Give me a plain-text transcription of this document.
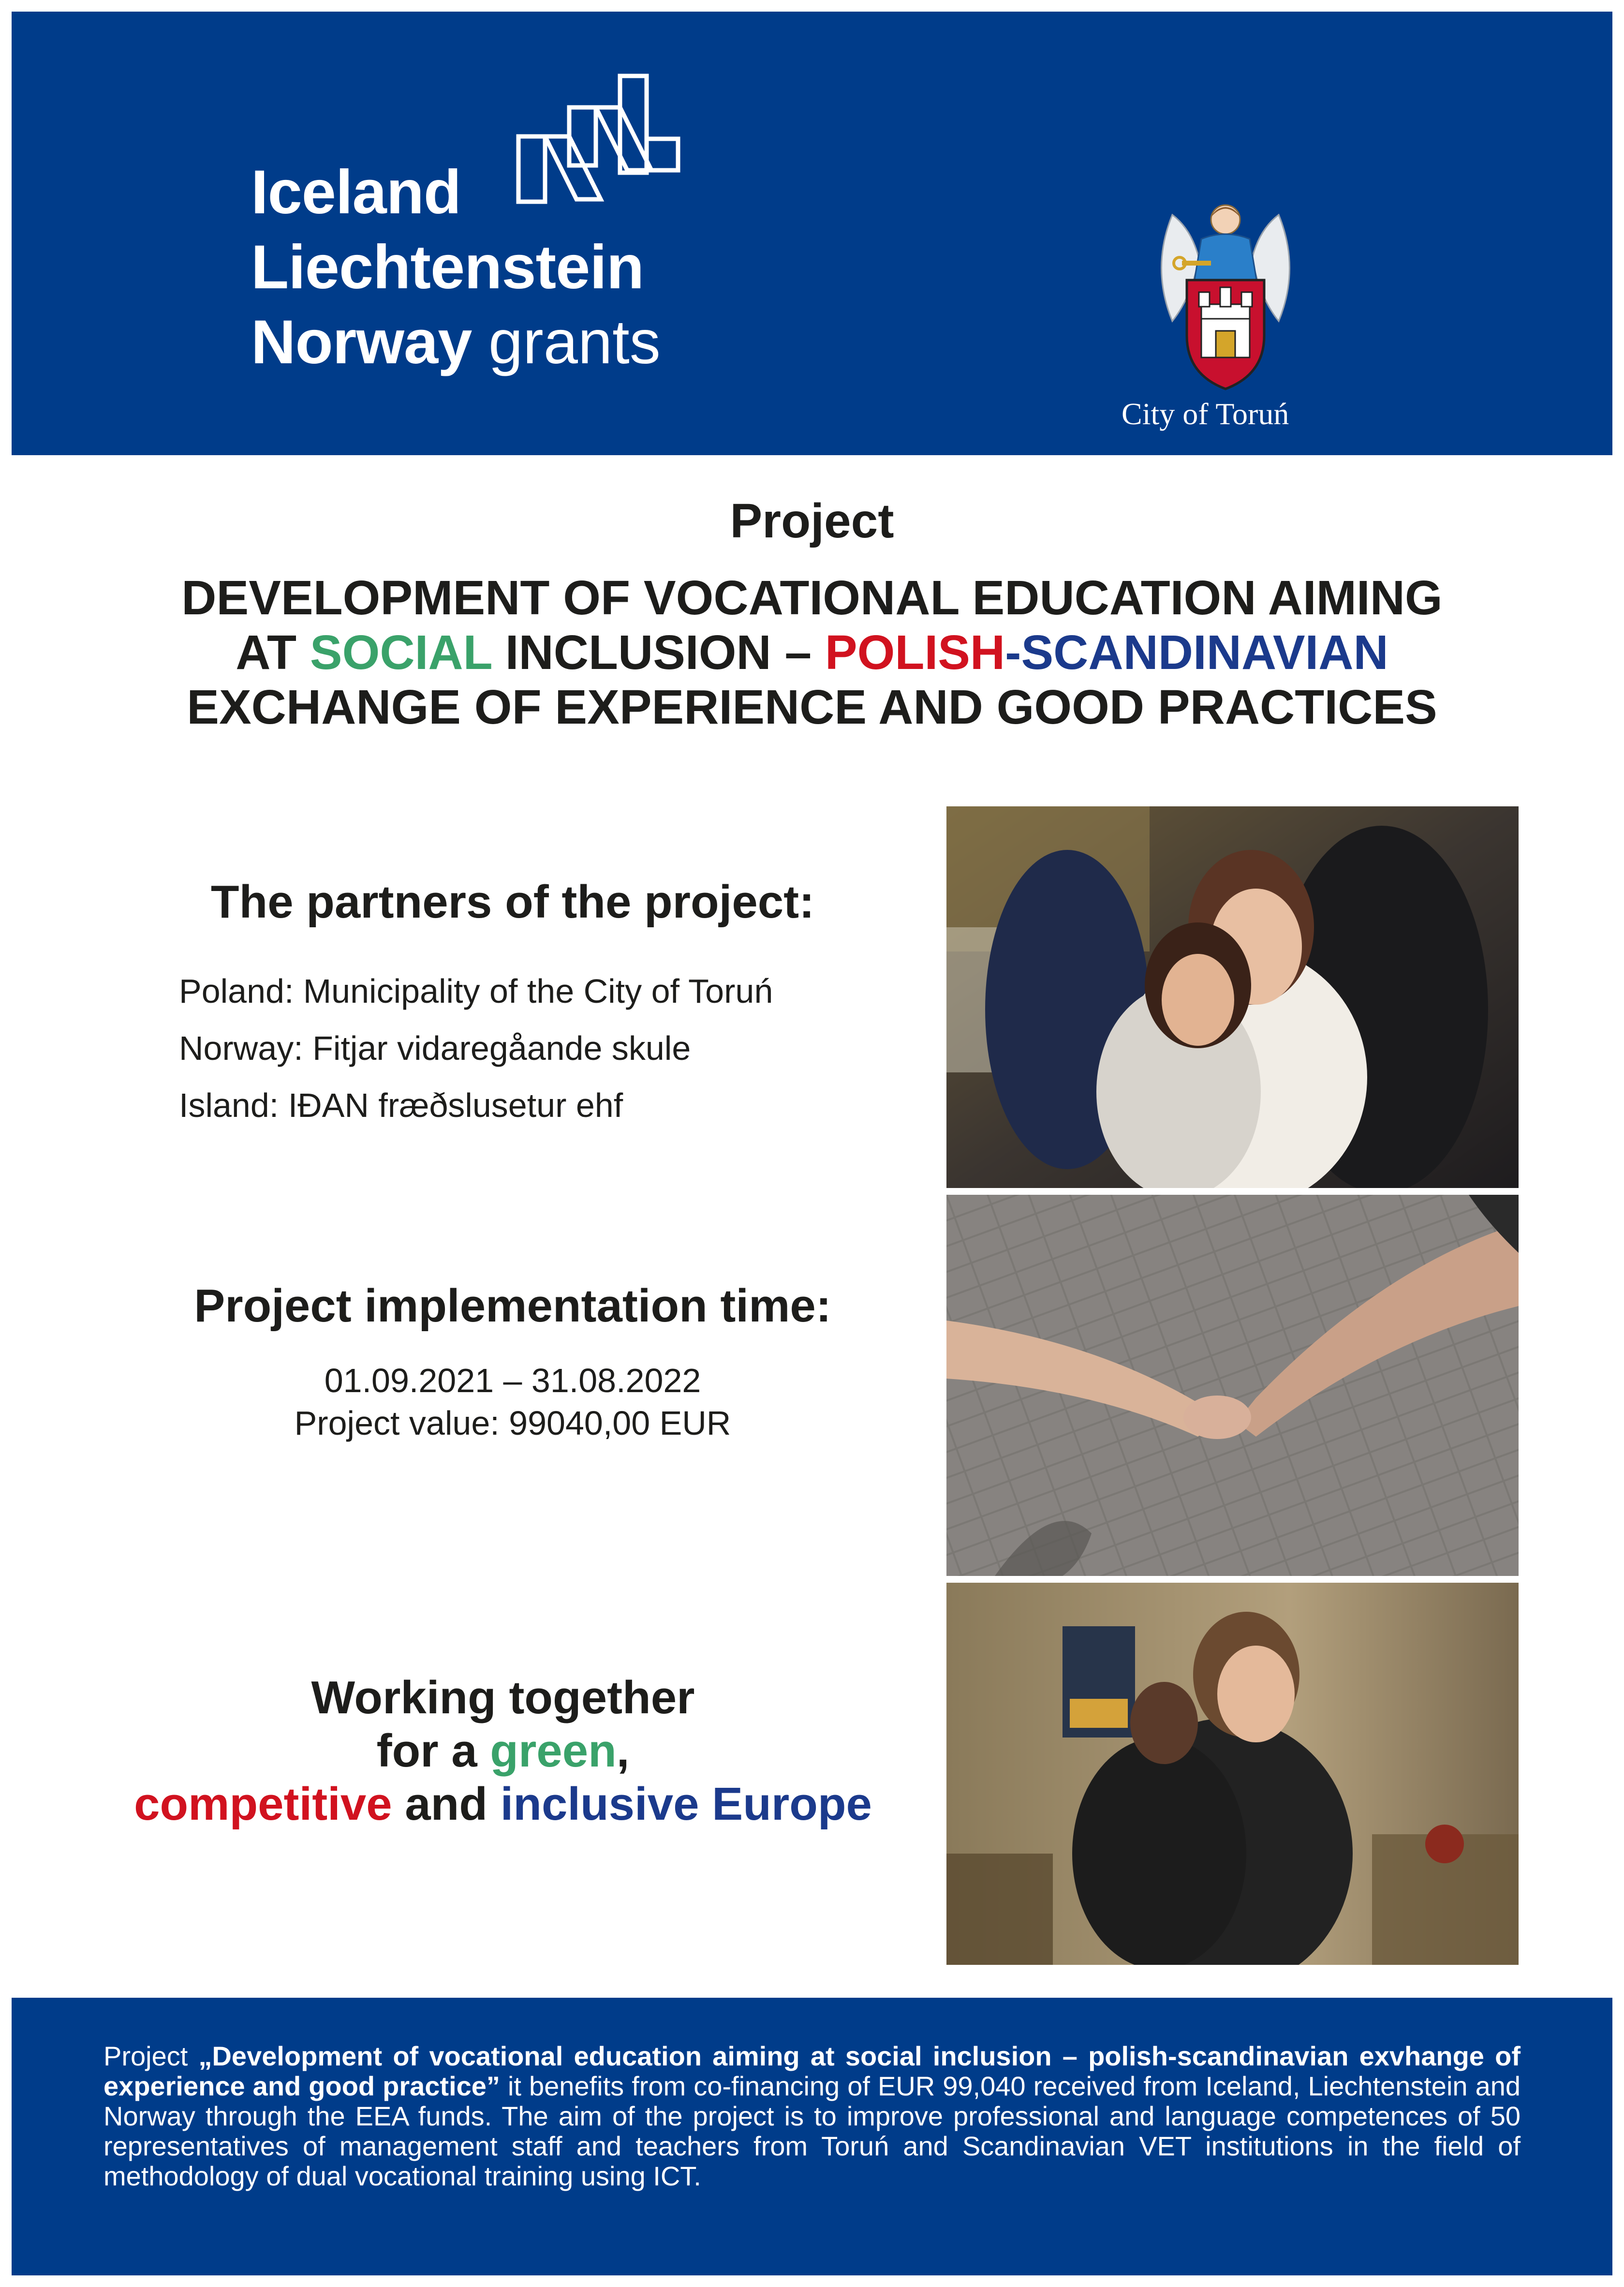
Iceland
Liechtenstein
Norway grants
City of Toruń
Project
DEVELOPMENT OF VOCATIONAL EDUCATION AIMING
AT SOCIAL INCLUSION – POLISH-SCANDINAVIAN
EXCHANGE OF EXPERIENCE AND GOOD PRACTICES
The partners of the project:
Poland: Municipality of the City of Toruń
Norway: Fitjar vidaregåande skule
Island: IÐAN fræðslusetur ehf
Project implementation time:
01.09.2021 – 31.08.2022
Project value: 99040,00 EUR
Working together
for a green,
competitive and inclusive Europe
Project „Development of vocational education aiming at social inclusion – polish-scandinavian exvhange of experience and good practice” it benefits from co-financing of EUR 99,040 received from Iceland, Liechtenstein and Norway through the EEA funds. The aim of the project is to improve professional and language competences of 50 representatives of management staff and teachers from Toruń and Scandinavian VET institutions in the field of methodology of dual vocational training using ICT.
